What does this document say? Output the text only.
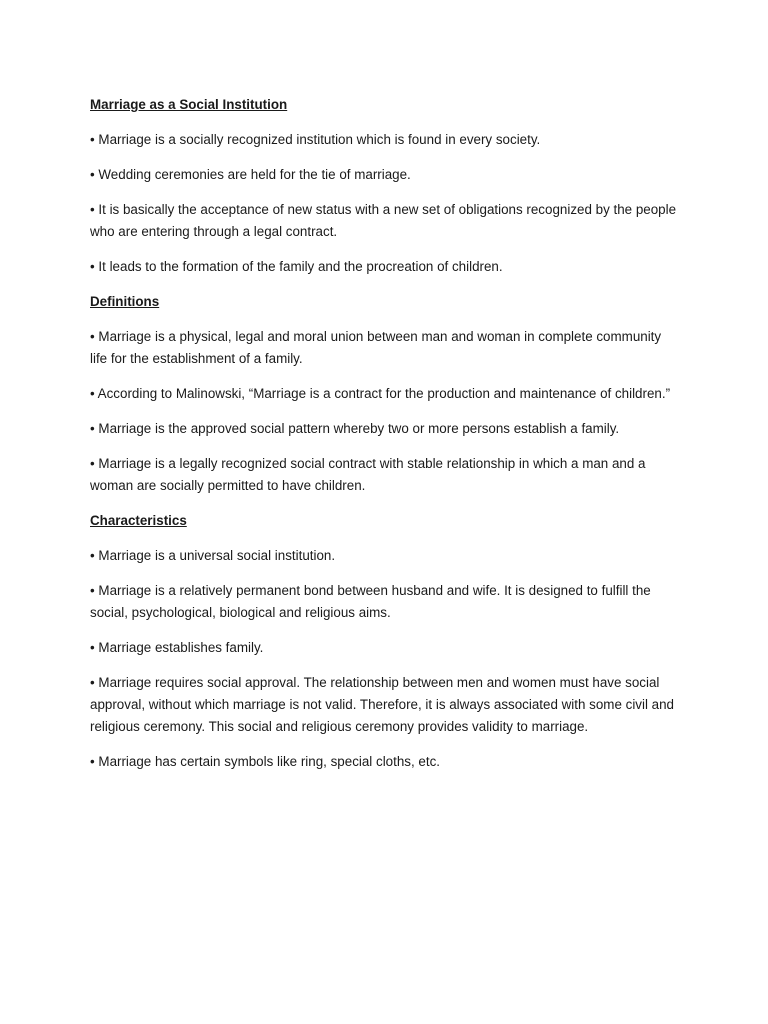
Marriage as a Social Institution

• Marriage is a socially recognized institution which is found in every society.

• Wedding ceremonies are held for the tie of marriage.

• It is basically the acceptance of new status with a new set of obligations recognized by the people who are entering through a legal contract.

• It leads to the formation of the family and the procreation of children.

Definitions

• Marriage is a physical, legal and moral union between man and woman in complete community life for the establishment of a family.

• According to Malinowski, “Marriage is a contract for the production and maintenance of children.”

• Marriage is the approved social pattern whereby two or more persons establish a family.

• Marriage is a legally recognized social contract with stable relationship in which a man and a woman are socially permitted to have children.

Characteristics

• Marriage is a universal social institution.

• Marriage is a relatively permanent bond between husband and wife. It is designed to fulfill the social, psychological, biological and religious aims.

• Marriage establishes family.

• Marriage requires social approval. The relationship between men and women must have social approval, without which marriage is not valid. Therefore, it is always associated with some civil and religious ceremony. This social and religious ceremony provides validity to marriage.

• Marriage has certain symbols like ring, special cloths, etc.
